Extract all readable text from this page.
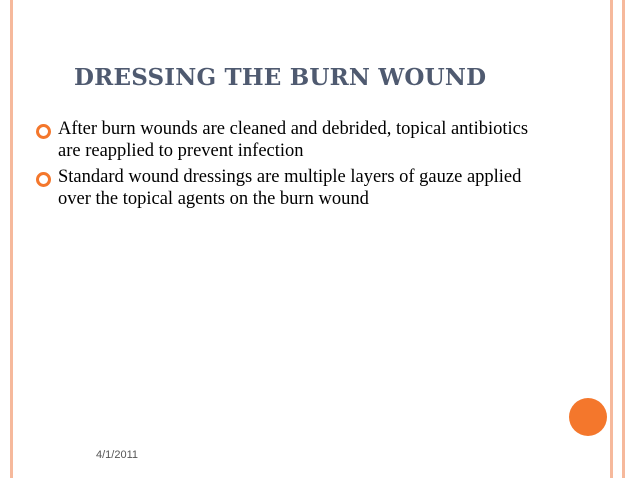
DRESSING THE BURN WOUND
After burn wounds are cleaned and debrided, topical antibiotics are reapplied to prevent infection
Standard wound dressings are multiple layers of gauze applied over the topical agents on the burn wound
4/1/2011
